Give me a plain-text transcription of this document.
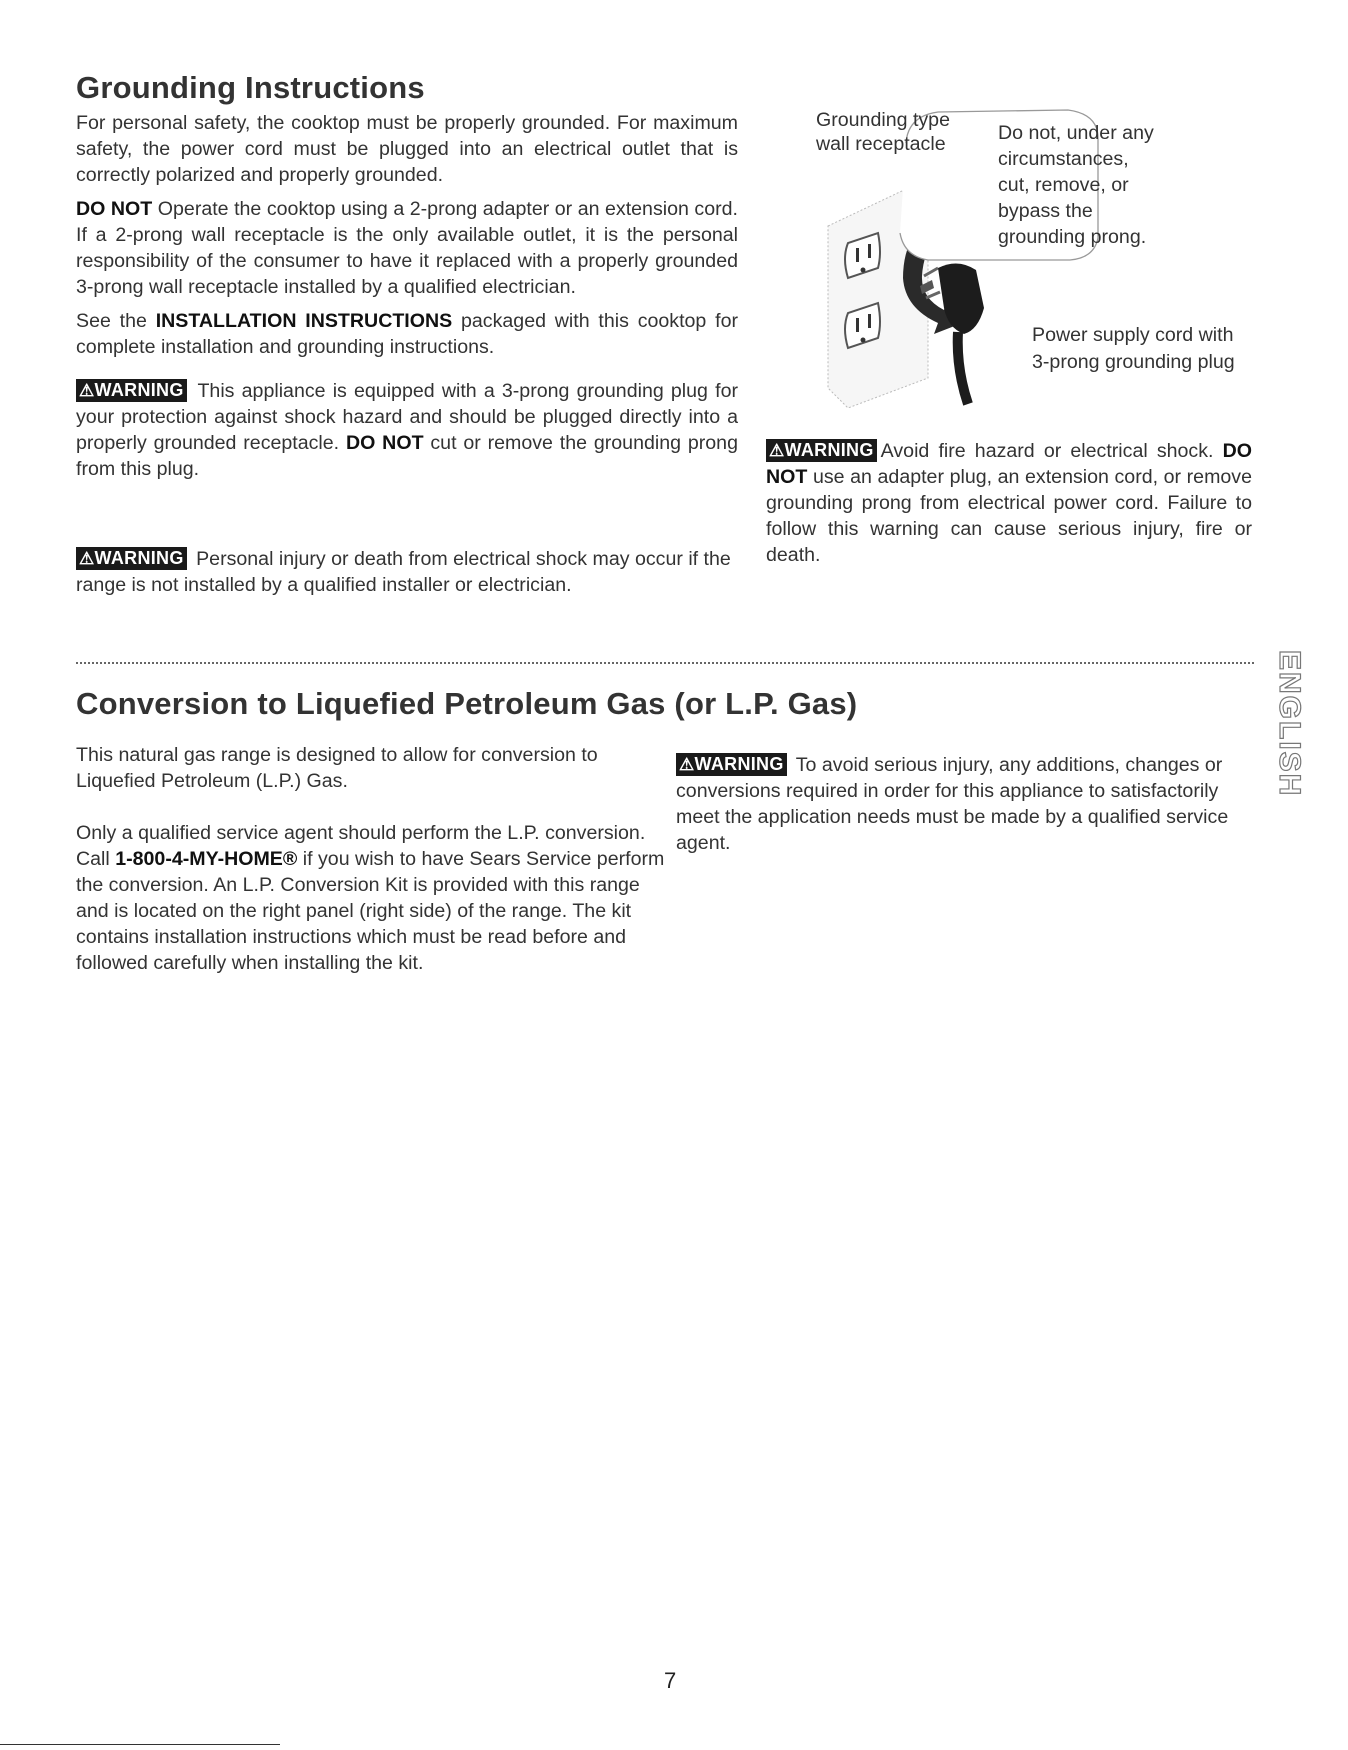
Grounding Instructions

For personal safety, the cooktop must be properly grounded. For maximum safety, the power cord must be plugged into an electrical outlet that is correctly polarized and properly grounded.

DO NOT Operate the cooktop using a 2-prong adapter or an extension cord. If a 2-prong wall receptacle is the only available outlet, it is the personal responsibility of the consumer to have it replaced with a properly grounded 3-prong wall receptacle installed by a qualified electrician.

See the INSTALLATION INSTRUCTIONS packaged with this cooktop for complete installation and grounding instructions.

⚠WARNING This appliance is equipped with a 3-prong grounding plug for your protection against shock hazard and should be plugged directly into a properly grounded receptacle. DO NOT cut or remove the grounding prong from this plug.

⚠WARNING Personal injury or death from electrical shock may occur if the range is not installed by a qualified installer or electrician.

Grounding type
wall receptacle	Do not, under any
circumstances,
cut, remove, or
bypass the
grounding prong.
Power supply cord with
3-prong grounding plug

⚠WARNING Avoid fire hazard or electrical shock. DO NOT use an adapter plug, an extension cord, or remove grounding prong from electrical power cord. Failure to follow this warning can cause serious injury, fire or death.

ENGLISH
Conversion to Liquefied Petroleum Gas (or L.P. Gas)

This natural gas range is designed to allow for conversion to Liquefied Petroleum (L.P.) Gas.

Only a qualified service agent should perform the L.P. conversion. Call 1-800-4-MY-HOME® if you wish to have Sears Service perform the conversion. An L.P. Conversion Kit is provided with this range and is located on the right panel (right side) of the range. The kit contains installation instructions which must be read before and followed carefully when installing the kit.

⚠WARNING To avoid serious injury, any additions, changes or conversions required in order for this appliance to satisfactorily meet the application needs must be made by a qualified service agent.

7
